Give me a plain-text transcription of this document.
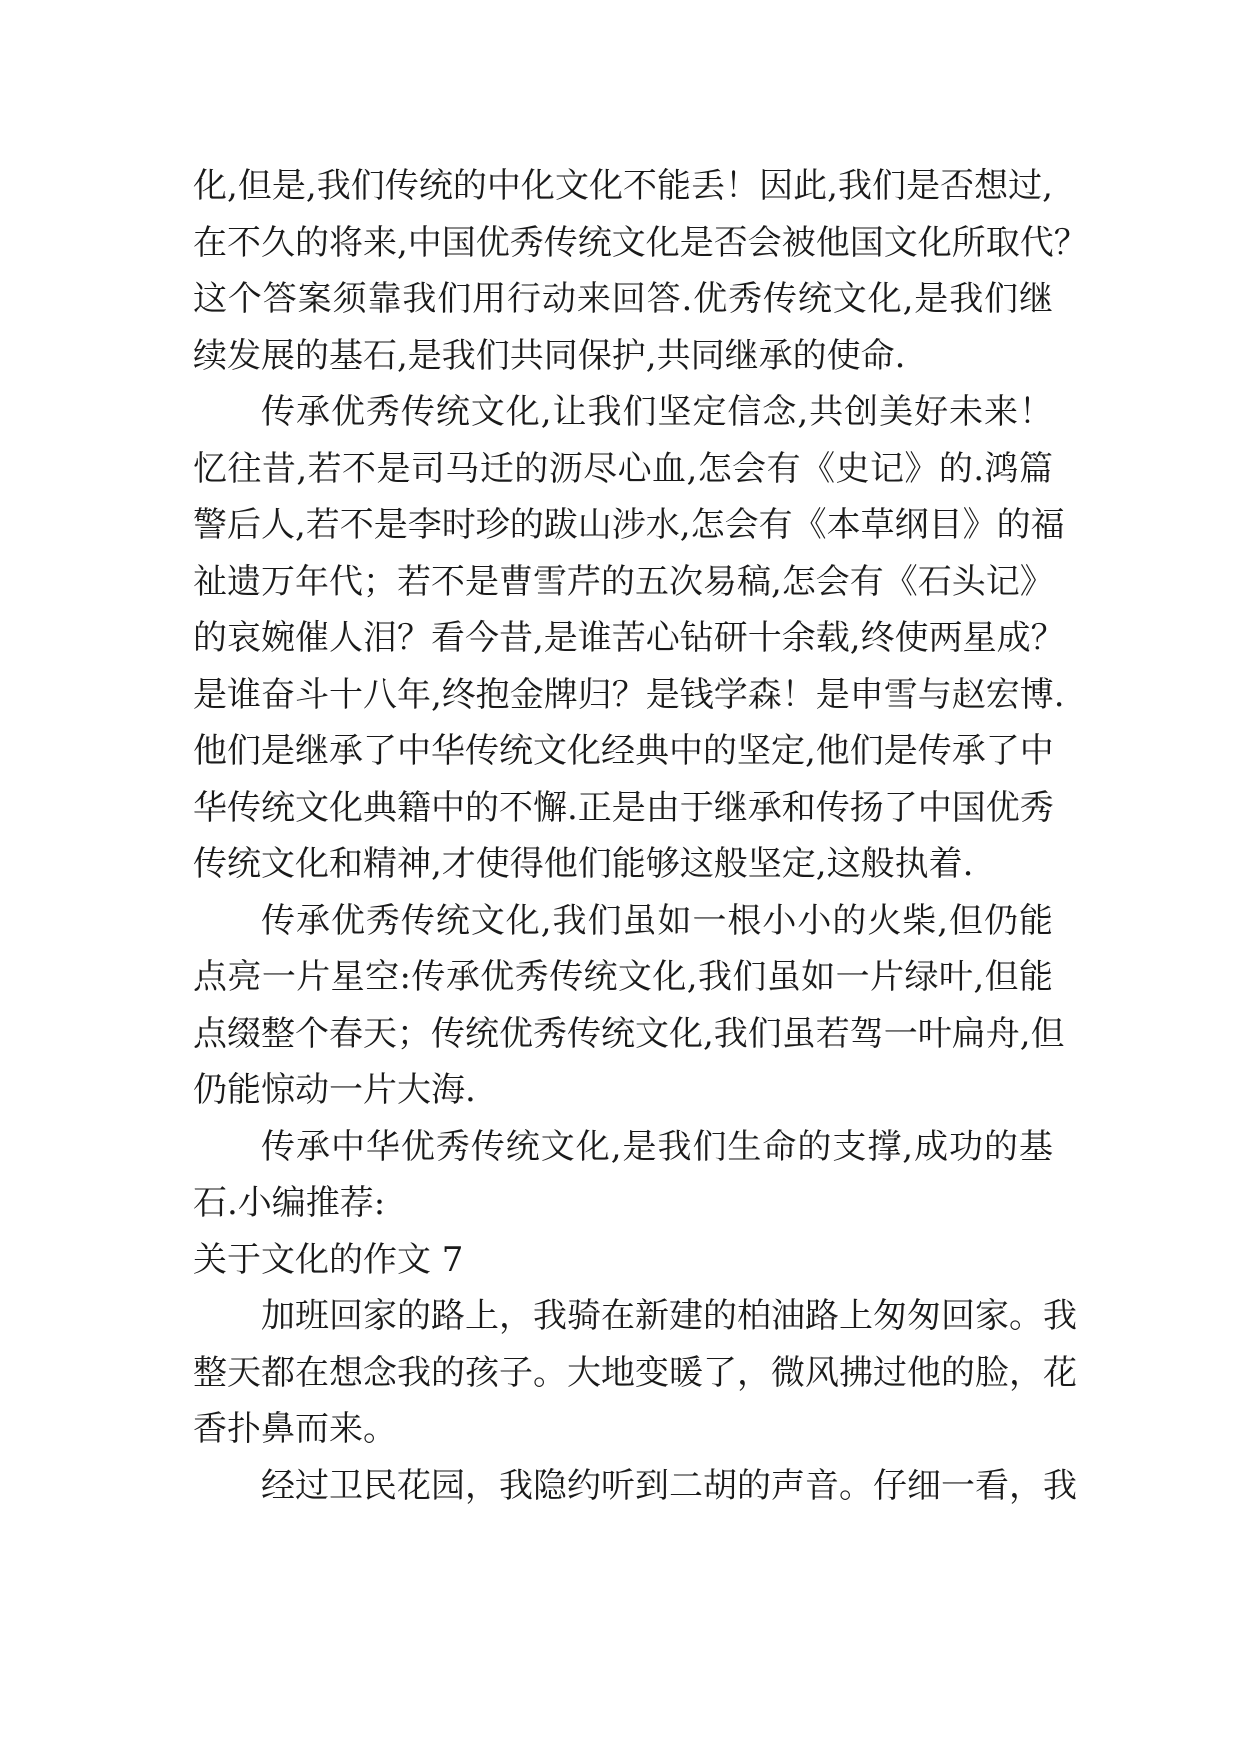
化,但是,我们传统的中化文化不能丢！因此,我们是否想过,
在不久的将来,中国优秀传统文化是否会被他国文化所取代？
这个答案须靠我们用行动来回答.优秀传统文化,是我们继
续发展的基石,是我们共同保护,共同继承的使命.
传承优秀传统文化,让我们坚定信念,共创美好未来！
忆往昔,若不是司马迁的沥尽心血,怎会有《史记》的.鸿篇
警后人,若不是李时珍的跋山涉水,怎会有《本草纲目》的福
祉遗万年代；若不是曹雪芹的五次易稿,怎会有《石头记》
的哀婉催人泪？看今昔,是谁苦心钻研十余载,终使两星成？
是谁奋斗十八年,终抱金牌归？是钱学森！是申雪与赵宏博.
他们是继承了中华传统文化经典中的坚定,他们是传承了中
华传统文化典籍中的不懈.正是由于继承和传扬了中国优秀
传统文化和精神,才使得他们能够这般坚定,这般执着.
传承优秀传统文化,我们虽如一根小小的火柴,但仍能
点亮一片星空:传承优秀传统文化,我们虽如一片绿叶,但能
点缀整个春天；传统优秀传统文化,我们虽若驾一叶扁舟,但
仍能惊动一片大海.
传承中华优秀传统文化,是我们生命的支撑,成功的基
石.小编推荐:
关于文化的作文 7
加班回家的路上，我骑在新建的柏油路上匆匆回家。我
整天都在想念我的孩子。大地变暖了，微风拂过他的脸，花
香扑鼻而来。
经过卫民花园，我隐约听到二胡的声音。仔细一看，我
